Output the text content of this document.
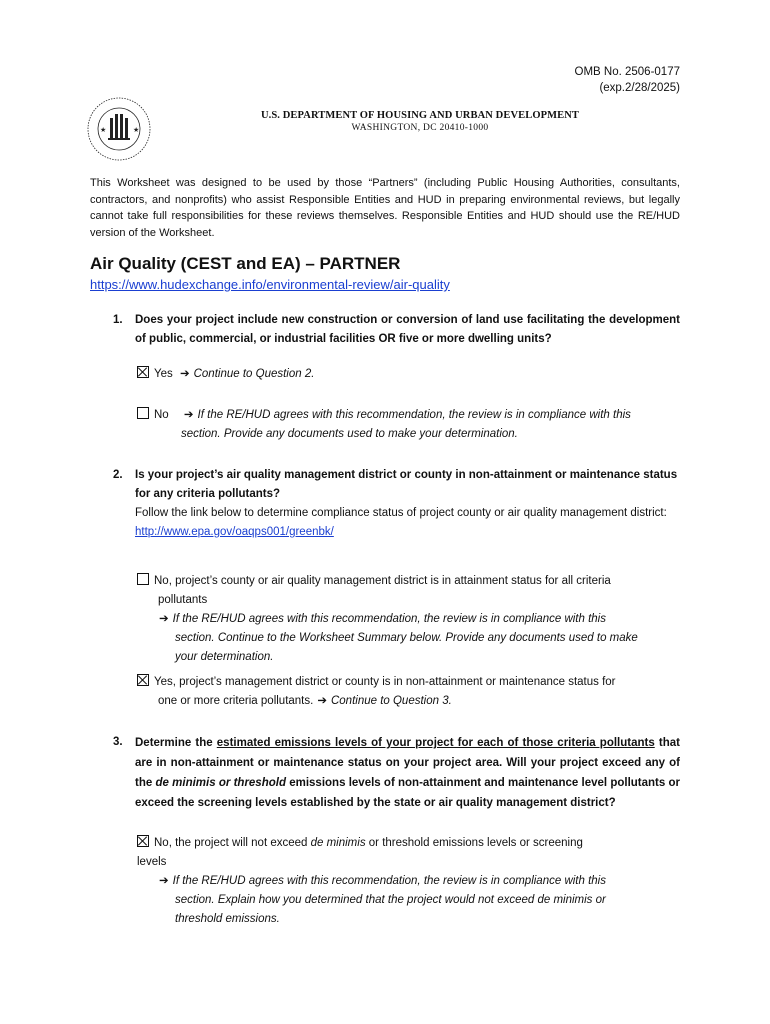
OMB No. 2506-0177
(exp.2/28/2025)
★	★
U.S. DEPARTMENT OF HOUSING AND URBAN DEVELOPMENT
WASHINGTON, DC 20410-1000
This Worksheet was designed to be used by those “Partners” (including Public Housing Authorities, consultants, contractors, and nonprofits) who assist Responsible Entities and HUD in preparing environmental reviews, but legally cannot take full responsibilities for these reviews themselves. Responsible Entities and HUD should use the RE/HUD version of the Worksheet.
Air Quality (CEST and EA) – PARTNER
https://www.hudexchange.info/environmental-review/air-quality
1.	Does your project include new construction or conversion of land use facilitating the development of public, commercial, or industrial facilities OR five or more dwelling units?
Yes ➔ Continue to Question 2.
No ➔ If the RE/HUD agrees with this recommendation, the review is in compliance with this
section. Provide any documents used to make your determination.
2.	Is your project’s air quality management district or county in non-attainment or maintenance status for any criteria pollutants?
Follow the link below to determine compliance status of project county or air quality management district:
http://www.epa.gov/oaqps001/greenbk/
No, project’s county or air quality management district is in attainment status for all criteria
pollutants
➔ If the RE/HUD agrees with this recommendation, the review is in compliance with this
section. Continue to the Worksheet Summary below. Provide any documents used to make
your determination.
Yes, project’s management district or county is in non-attainment or maintenance status for
one or more criteria pollutants. ➔ Continue to Question 3.
3.	Determine the estimated emissions levels of your project for each of those criteria pollutants that are in non-attainment or maintenance status on your project area. Will your project exceed any of the de minimis or threshold emissions levels of non-attainment and maintenance level pollutants or exceed the screening levels established by the state or air quality management district?
No, the project will not exceed de minimis or threshold emissions levels or screening
levels
➔ If the RE/HUD agrees with this recommendation, the review is in compliance with this
section. Explain how you determined that the project would not exceed de minimis or
threshold emissions.
